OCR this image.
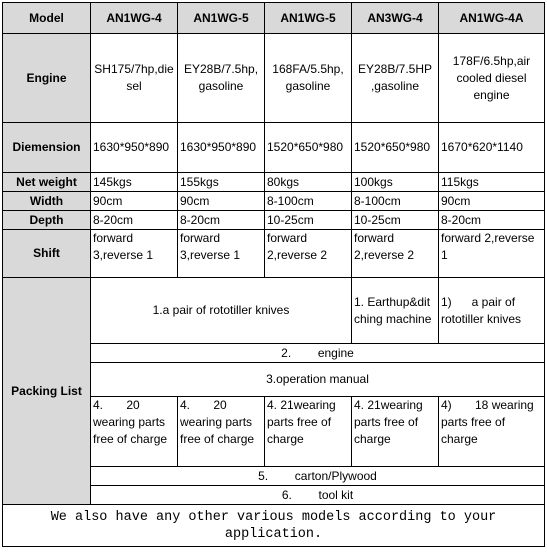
Model	AN1WG-4	AN1WG-5	AN1WG-5	AN3WG-4	AN1WG-4A
Engine	SH175/7hp,diesel	EY28B/7.5hp, gasoline	168FA/5.5hp, gasoline	EY28B/7.5HP ,gasoline	178F/6.5hp,air cooled diesel engine
Diemension	1630*950*890	1630*950*890	1520*650*980	1520*650*980	1670*620*1140
Net weight	145kgs	155kgs	80kgs	100kgs	115kgs
Width	90cm	90cm	8-100cm	8-100cm	90cm
Depth	8-20cm	8-20cm	10-25cm	10-25cm	8-20cm
Shift	forward 3,reverse 1	forward 3,reverse 1	forward 2,reverse 2	forward 2,reverse 2	forward 2,reverse 1
Packing List	1.a pair of rototiller knives			1. Earthup&ditching machine	1)      a pair of rototiller knives
	2.        engine				
	3.operation manual				
	4.       20 wearing parts free of charge	4.       20 wearing parts free of charge	4. 21wearing parts free of charge	4. 21wearing parts free of charge	4)       18 wearing parts free of charge
	5.        carton/Plywood				
	6.        tool kit				
We also have any other various models according to your application.					
